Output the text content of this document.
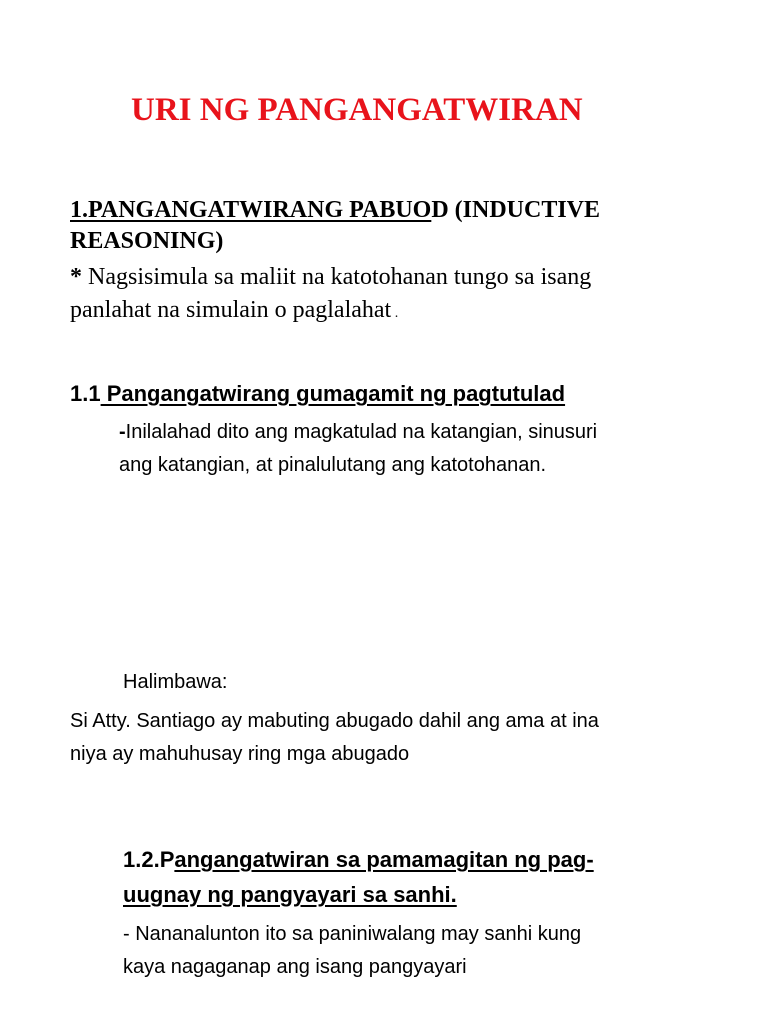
URI NG PANGANGATWIRAN
1.PANGANGATWIRANG PABUOD (INDUCTIVE
REASONING)
* Nagsisimula sa maliit na katotohanan tungo sa isang
panlahat na simulain o paglalahat .
1.1 Pangangatwirang gumagamit ng pagtutulad
-Inilalahad dito ang magkatulad na katangian, sinusuri
ang katangian, at pinalulutang ang katotohanan.
Halimbawa:
Si Atty. Santiago ay mabuting abugado dahil ang ama at ina
niya ay mahuhusay ring mga abugado
1.2.Pangangatwiran sa pamamagitan ng pag-
uugnay ng pangyayari sa sanhi.
- Nananalunton ito sa paniniwalang may sanhi kung
kaya nagaganap ang isang pangyayari
